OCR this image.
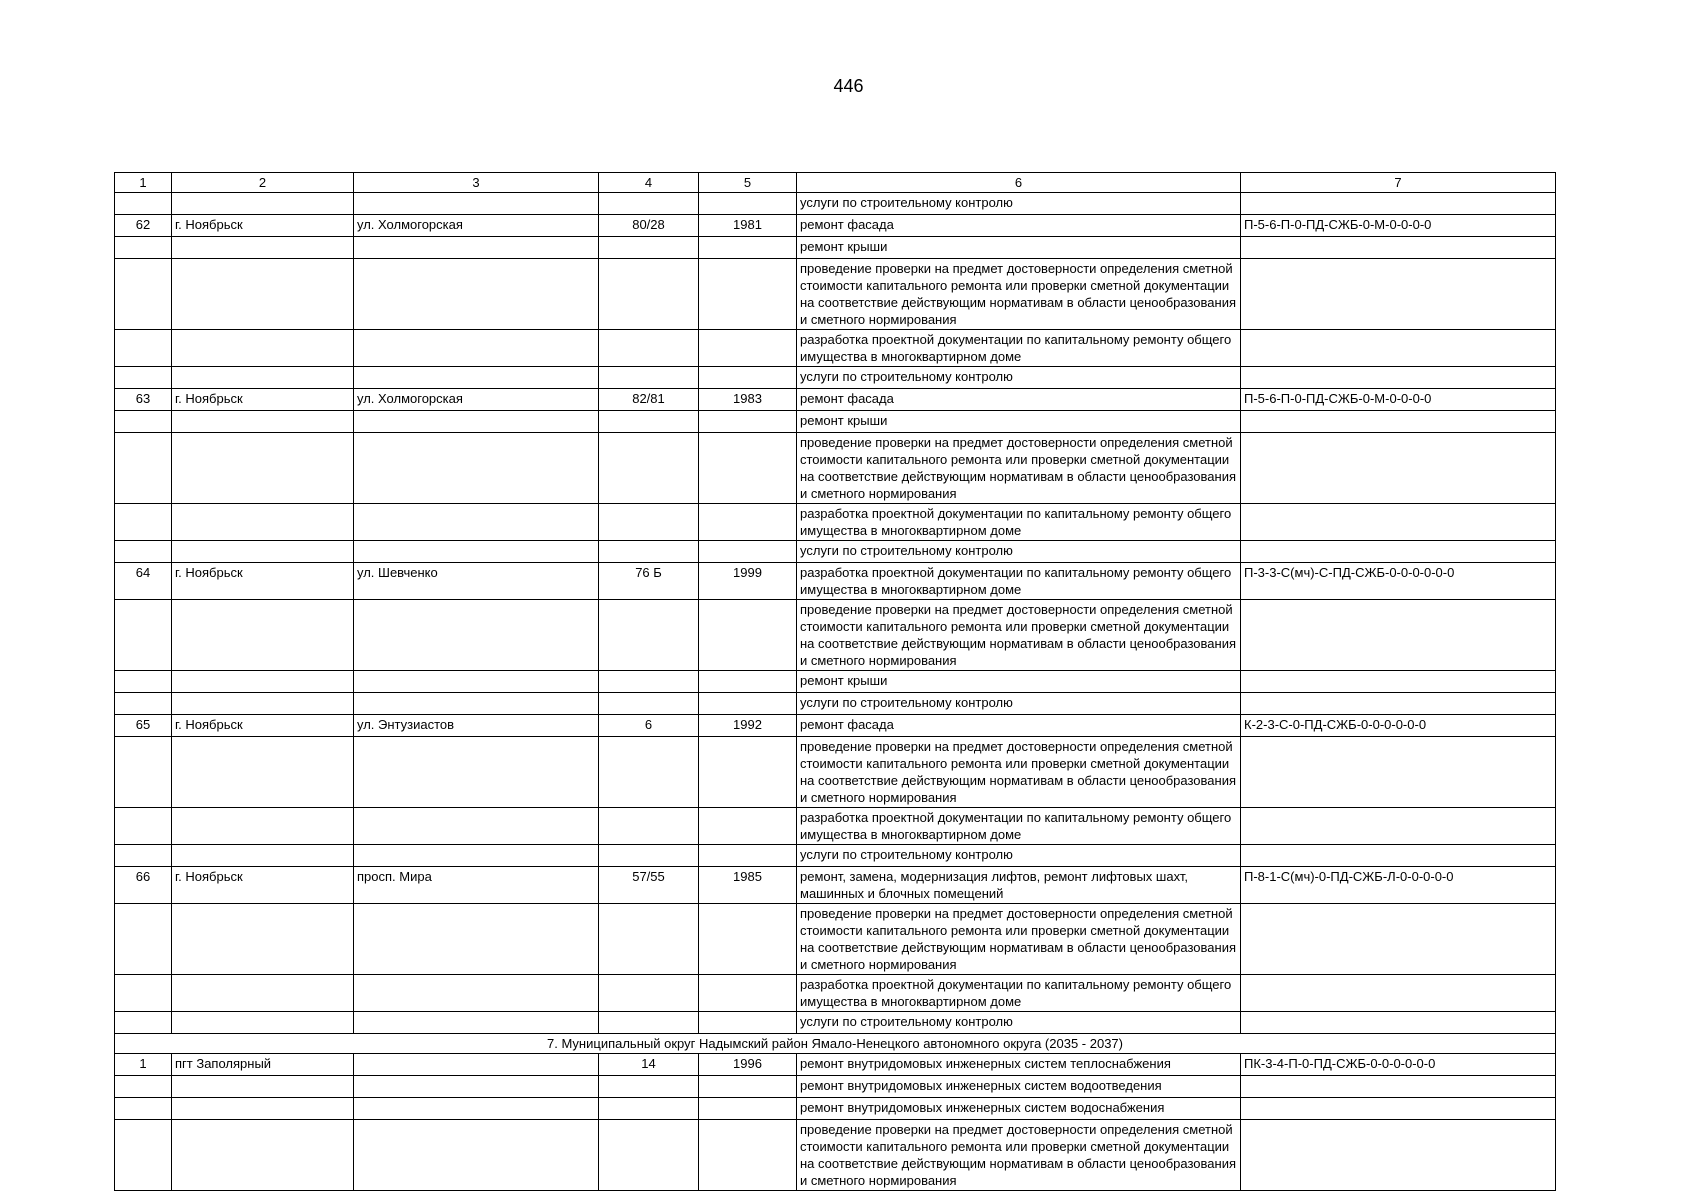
446
1	2	3	4	5	6	7
					услуги по строительному контролю	
62	г. Ноябрьск	ул. Холмогорская	80/28	1981	ремонт фасада	П-5-6-П-0-ПД-СЖБ-0-М-0-0-0-0
					ремонт крыши	
					проведение проверки на предмет достоверности определения сметной стоимости капитального ремонта или проверки сметной документации на соответствие действующим нормативам в области ценообразования и сметного нормирования	
					разработка проектной документации по капитальному ремонту общего имущества в многоквартирном доме	
					услуги по строительному контролю	
63	г. Ноябрьск	ул. Холмогорская	82/81	1983	ремонт фасада	П-5-6-П-0-ПД-СЖБ-0-М-0-0-0-0
					ремонт крыши	
					проведение проверки на предмет достоверности определения сметной стоимости капитального ремонта или проверки сметной документации на соответствие действующим нормативам в области ценообразования и сметного нормирования	
					разработка проектной документации по капитальному ремонту общего имущества в многоквартирном доме	
					услуги по строительному контролю	
64	г. Ноябрьск	ул. Шевченко	76 Б	1999	разработка проектной документации по капитальному ремонту общего имущества в многоквартирном доме	П-3-3-С(мч)-С-ПД-СЖБ-0-0-0-0-0-0
					проведение проверки на предмет достоверности определения сметной стоимости капитального ремонта или проверки сметной документации на соответствие действующим нормативам в области ценообразования и сметного нормирования	
					ремонт крыши	
					услуги по строительному контролю	
65	г. Ноябрьск	ул. Энтузиастов	6	1992	ремонт фасада	К-2-3-С-0-ПД-СЖБ-0-0-0-0-0-0
					проведение проверки на предмет достоверности определения сметной стоимости капитального ремонта или проверки сметной документации на соответствие действующим нормативам в области ценообразования и сметного нормирования	
					разработка проектной документации по капитальному ремонту общего имущества в многоквартирном доме	
					услуги по строительному контролю	
66	г. Ноябрьск	просп. Мира	57/55	1985	ремонт, замена, модернизация лифтов, ремонт лифтовых шахт, машинных и блочных помещений	П-8-1-С(мч)-0-ПД-СЖБ-Л-0-0-0-0-0
					проведение проверки на предмет достоверности определения сметной стоимости капитального ремонта или проверки сметной документации на соответствие действующим нормативам в области ценообразования и сметного нормирования	
					разработка проектной документации по капитальному ремонту общего имущества в многоквартирном доме	
					услуги по строительному контролю	
7. Муниципальный округ Надымский район Ямало-Ненецкого автономного округа (2035 - 2037)						
1	пгт Заполярный		14	1996	ремонт внутридомовых инженерных систем теплоснабжения	ПК-3-4-П-0-ПД-СЖБ-0-0-0-0-0-0
					ремонт внутридомовых инженерных систем водоотведения	
					ремонт внутридомовых инженерных систем водоснабжения	
					проведение проверки на предмет достоверности определения сметной стоимости капитального ремонта или проверки сметной документации на соответствие действующим нормативам в области ценообразования и сметного нормирования	
